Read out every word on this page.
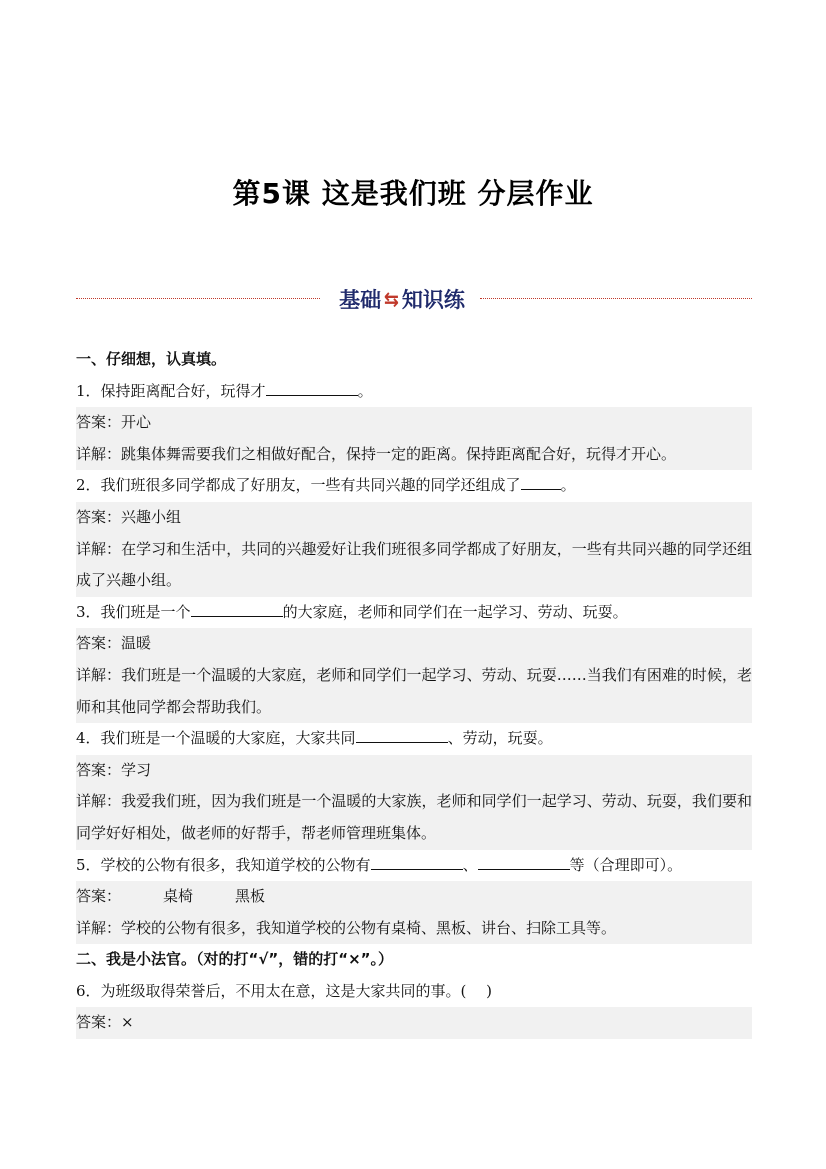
第5课 这是我们班 分层作业
基础 ⇆ 知识练
一、仔细想，认真填。
1．保持距离配合好，玩得才	。
答案：开心
详解：跳集体舞需要我们之相做好配合，保持一定的距离。保持距离配合好，玩得才开心。
2．我们班很多同学都成了好朋友，一些有共同兴趣的同学还组成了	。
答案：兴趣小组
详解：在学习和生活中，共同的兴趣爱好让我们班很多同学都成了好朋友，一些有共同兴趣的同学还组成了兴趣小组。
3．我们班是一个	的大家庭，老师和同学们在一起学习、劳动、玩耍。
答案：温暖
详解：我们班是一个温暖的大家庭，老师和同学们一起学习、劳动、玩耍……当我们有困难的时候，老师和其他同学都会帮助我们。
4．我们班是一个温暖的大家庭，大家共同	、劳动，玩耍。
答案：学习
详解：我爱我们班，因为我们班是一个温暖的大家族，老师和同学们一起学习、劳动、玩耍，我们要和同学好好相处，做老师的好帮手，帮老师管理班集体。
5．学校的公物有很多，我知道学校的公物有	、	等（合理即可）。
答案：	桌椅	黑板
详解：学校的公物有很多，我知道学校的公物有桌椅、黑板、讲台、扫除工具等。
二、我是小法官。（对的打“√”，错的打“×”。）
6．为班级取得荣誉后，不用太在意，这是大家共同的事。(　 )
答案：×
